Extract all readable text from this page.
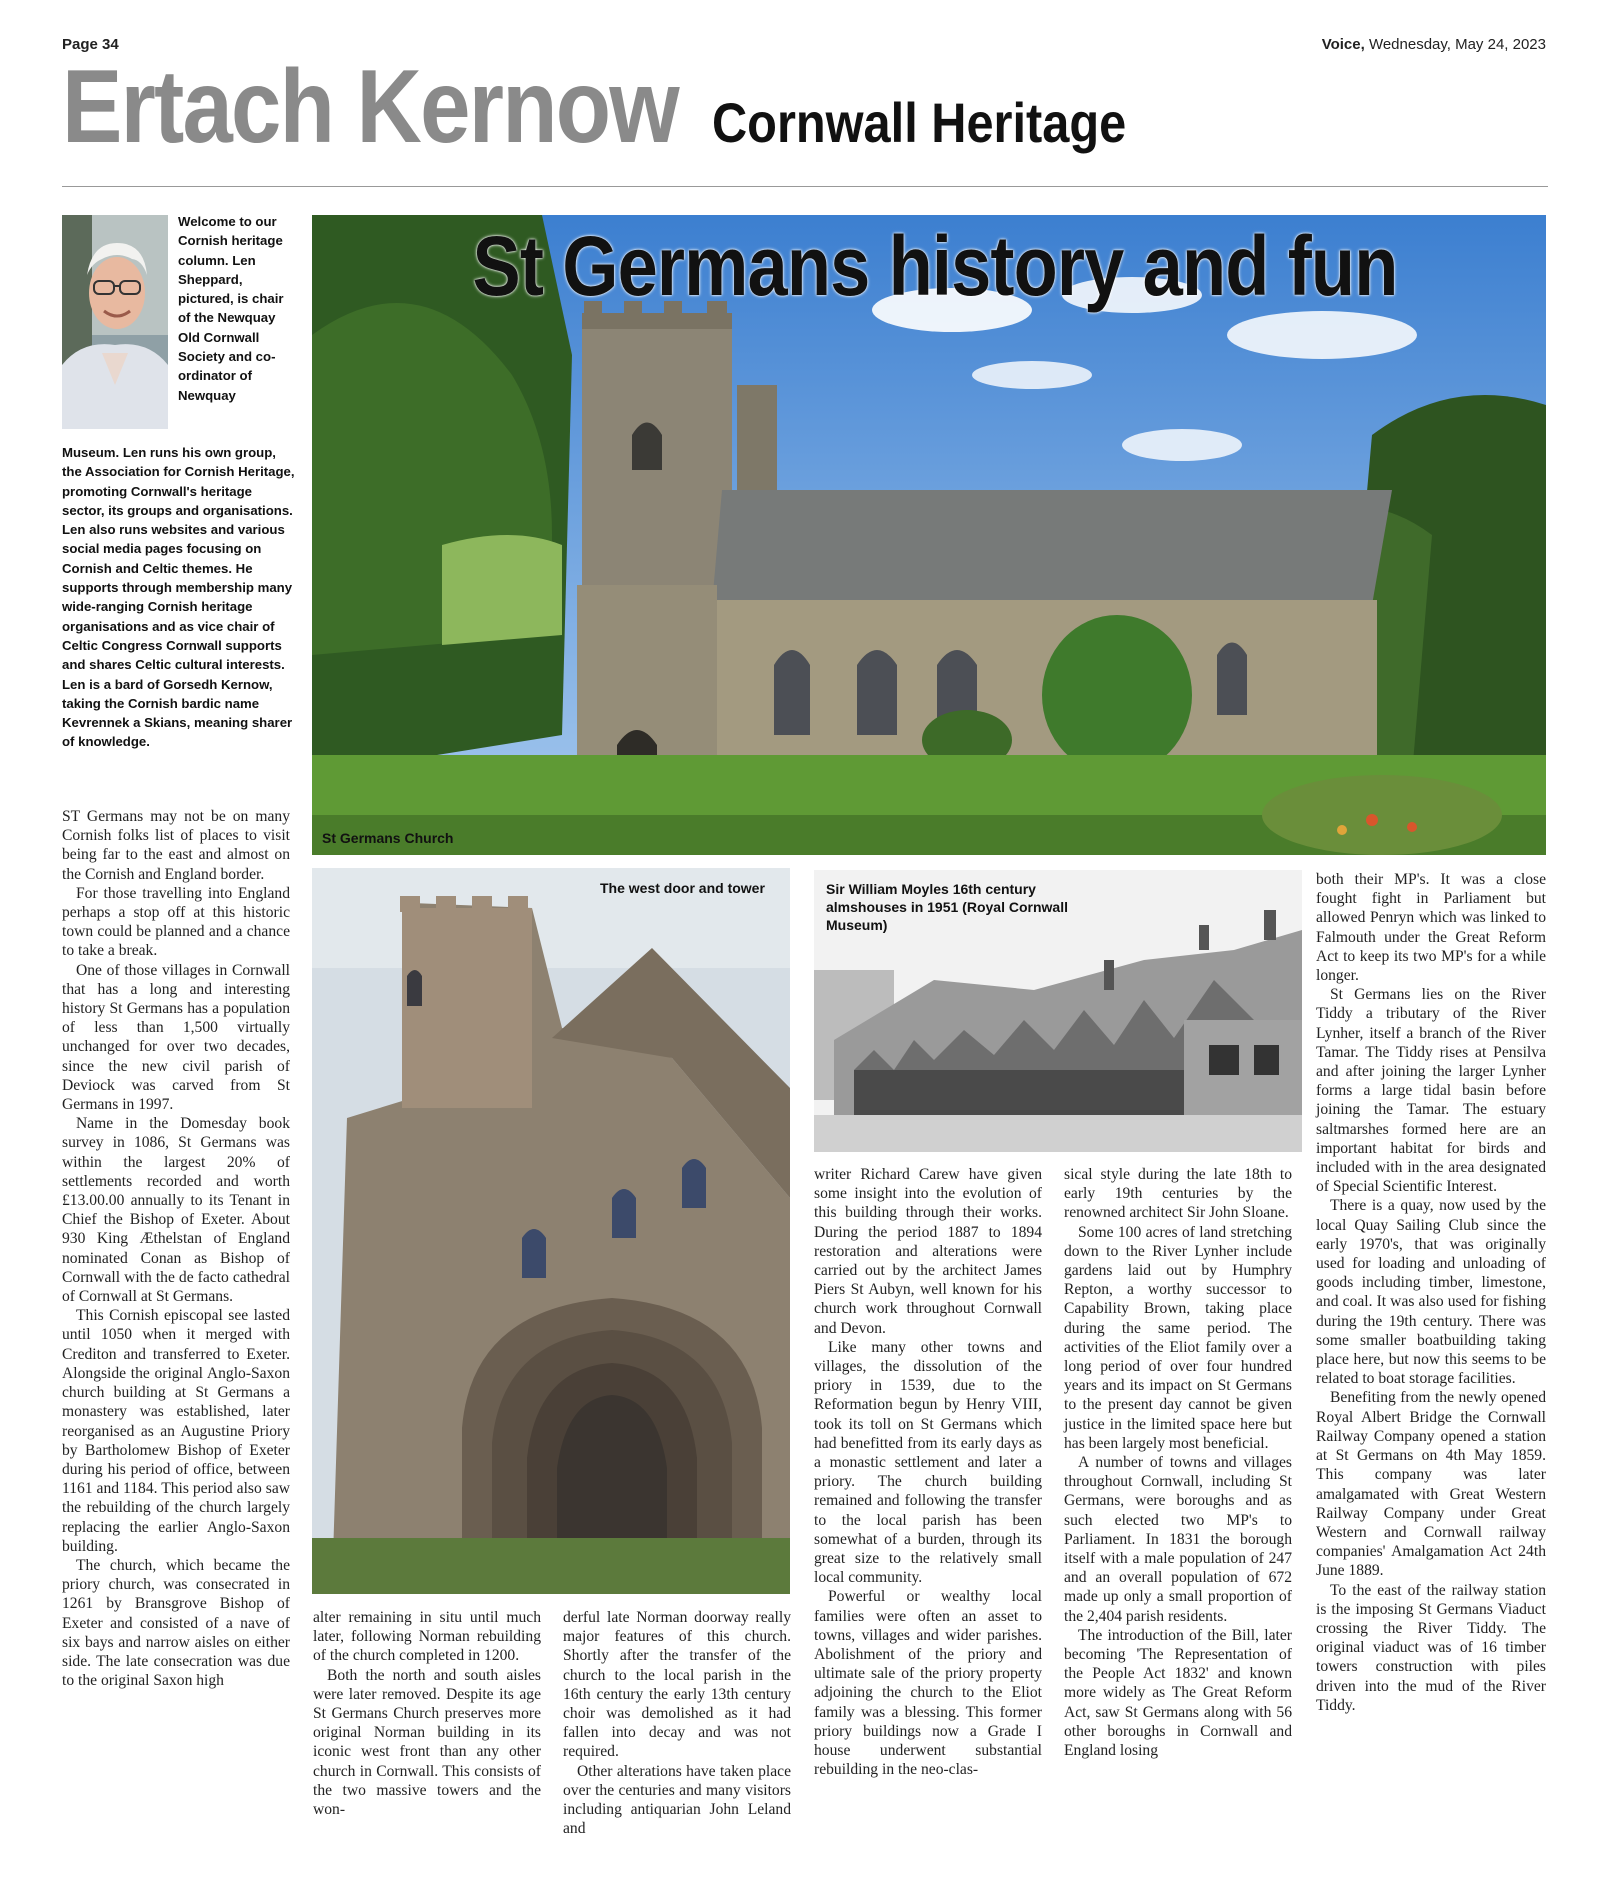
Page 34	Voice, Wednesday, May 24, 2023
Ertach Kernow Cornwall Heritage
Welcome to our Cornish heritage column. Len Sheppard, pictured, is chair of the Newquay Old Cornwall Society and co-ordinator of Newquay
Museum. Len runs his own group, the Association for Cornish Heritage, promoting Cornwall's heritage sector, its groups and organisations. Len also runs websites and various social media pages focusing on Cornish and Celtic themes. He supports through membership many wide-ranging Cornish heritage organisations and as vice chair of Celtic Congress Cornwall supports and shares Celtic cultural interests. Len is a bard of Gorsedh Kernow, taking the Cornish bardic name Kevrennek a Skians, meaning sharer of knowledge.
St Germans history and fun
St Germans Church
The west door and tower	Sir William Moyles 16th century almshouses in 1951 (Royal Cornwall Museum)

ST Germans may not be on many Cornish folks list of places to visit being far to the east and almost on the Cornish and England border.

For those travelling into England perhaps a stop off at this historic town could be planned and a chance to take a break.

One of those villages in Cornwall that has a long and interesting history St Germans has a population of less than 1,500 virtually unchanged for over two decades, since the new civil parish of Deviock was carved from St Germans in 1997.

Name in the Domesday book survey in 1086, St Germans was within the largest 20% of settlements recorded and worth £13.00.00 annually to its Tenant in Chief the Bishop of Exeter. About 930 King Æthelstan of England nominated Conan as Bishop of Cornwall with the de facto cathedral of Cornwall at St Germans.

This Cornish episcopal see lasted until 1050 when it merged with Crediton and transferred to Exeter. Alongside the original Anglo-Saxon church building at St Germans a monastery was established, later reorganised as an Augustine Priory by Bartholomew Bishop of Exeter during his period of office, between 1161 and 1184. This period also saw the rebuilding of the church largely replacing the earlier Anglo-Saxon building.

The church, which became the priory church, was consecrated in 1261 by Bransgrove Bishop of Exeter and consisted of a nave of six bays and narrow aisles on either side. The late consecration was due to the original Saxon high

alter remaining in situ until much later, following Norman rebuilding of the church completed in 1200.

Both the north and south aisles were later removed. Despite its age St Germans Church preserves more original Norman building in its iconic west front than any other church in Cornwall. This consists of the two massive towers and the won-

derful late Norman doorway really major features of this church. Shortly after the transfer of the church to the local parish in the 16th century the early 13th century choir was demolished as it had fallen into decay and was not required.

Other alterations have taken place over the centuries and many visitors including antiquarian John Leland and

writer Richard Carew have given some insight into the evolution of this building through their works. During the period 1887 to 1894 restoration and alterations were carried out by the architect James Piers St Aubyn, well known for his church work throughout Cornwall and Devon.

Like many other towns and villages, the dissolution of the priory in 1539, due to the Reformation begun by Henry VIII, took its toll on St Germans which had benefitted from its early days as a monastic settlement and later a priory. The church building remained and following the transfer to the local parish has been somewhat of a burden, through its great size to the relatively small local community.

Powerful or wealthy local families were often an asset to towns, villages and wider parishes. Abolishment of the priory and ultimate sale of the priory property adjoining the church to the Eliot family was a blessing. This former priory buildings now a Grade I house underwent substantial rebuilding in the neo-clas-

sical style during the late 18th to early 19th centuries by the renowned architect Sir John Sloane.

Some 100 acres of land stretching down to the River Lynher include gardens laid out by Humphry Repton, a worthy successor to Capability Brown, taking place during the same period. The activities of the Eliot family over a long period of over four hundred years and its impact on St Germans to the present day cannot be given justice in the limited space here but has been largely most beneficial.

A number of towns and villages throughout Cornwall, including St Germans, were boroughs and as such elected two MP's to Parliament. In 1831 the borough itself with a male population of 247 and an overall population of 672 made up only a small proportion of the 2,404 parish residents.

The introduction of the Bill, later becoming 'The Representation of the People Act 1832' and known more widely as The Great Reform Act, saw St Germans along with 56 other boroughs in Cornwall and England losing

both their MP's. It was a close fought fight in Parliament but allowed Penryn which was linked to Falmouth under the Great Reform Act to keep its two MP's for a while longer.

St Germans lies on the River Tiddy a tributary of the River Lynher, itself a branch of the River Tamar. The Tiddy rises at Pensilva and after joining the larger Lynher forms a large tidal basin before joining the Tamar. The estuary saltmarshes formed here are an important habitat for birds and included with in the area designated of Special Scientific Interest.

There is a quay, now used by the local Quay Sailing Club since the early 1970's, that was originally used for loading and unloading of goods including timber, limestone, and coal. It was also used for fishing during the 19th century. There was some smaller boatbuilding taking place here, but now this seems to be related to boat storage facilities.

Benefiting from the newly opened Royal Albert Bridge the Cornwall Railway Company opened a station at St Germans on 4th May 1859. This company was later amalgamated with Great Western Railway Company under Great Western and Cornwall railway companies' Amalgamation Act 24th June 1889.

To the east of the railway station is the imposing St Germans Viaduct crossing the River Tiddy. The original viaduct was of 16 timber towers construction with piles driven into the mud of the River Tiddy.
